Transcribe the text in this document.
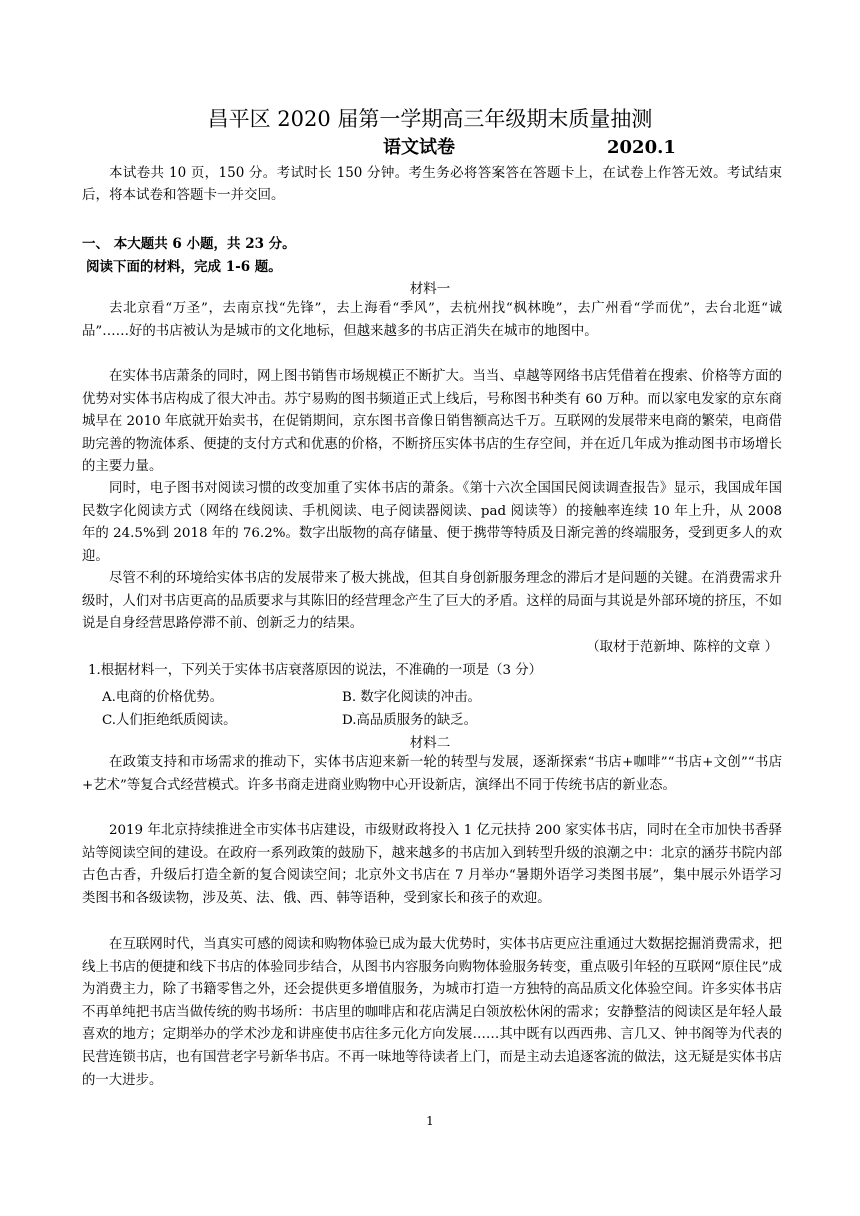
昌平区 2020 届第一学期高三年级期末质量抽测
语文试卷	2020.1
本试卷共 10 页，150 分。考试时长 150 分钟。考生务必将答案答在答题卡上，在试卷上作答无效。考试结束后，将本试卷和答题卡一并交回。
一、 本大题共 6 小题，共 23 分。
阅读下面的材料，完成 1-6 题。
材料一
去北京看“万圣”，去南京找“先锋”，去上海看“季风”，去杭州找“枫林晚”，去广州看“学而优”，去台北逛“诚品”……好的书店被认为是城市的文化地标，但越来越多的书店正消失在城市的地图中。
在实体书店萧条的同时，网上图书销售市场规模正不断扩大。当当、卓越等网络书店凭借着在搜索、价格等方面的优势对实体书店构成了很大冲击。苏宁易购的图书频道正式上线后，号称图书种类有 60 万种。而以家电发家的京东商城早在 2010 年底就开始卖书，在促销期间，京东图书音像日销售额高达千万。互联网的发展带来电商的繁荣，电商借助完善的物流体系、便捷的支付方式和优惠的价格，不断挤压实体书店的生存空间，并在近几年成为推动图书市场增长的主要力量。
同时，电子图书对阅读习惯的改变加重了实体书店的萧条。《第十六次全国国民阅读调查报告》显示，我国成年国民数字化阅读方式（网络在线阅读、手机阅读、电子阅读器阅读、pad 阅读等）的接触率连续 10 年上升，从 2008 年的 24.5%到 2018 年的 76.2%。数字出版物的高存储量、便于携带等特质及日渐完善的终端服务，受到更多人的欢迎。
尽管不利的环境给实体书店的发展带来了极大挑战，但其自身创新服务理念的滞后才是问题的关键。在消费需求升级时，人们对书店更高的品质要求与其陈旧的经营理念产生了巨大的矛盾。这样的局面与其说是外部环境的挤压，不如说是自身经营思路停滞不前、创新乏力的结果。
（取材于范新坤、陈梓的文章 ）
1.根据材料一，下列关于实体书店衰落原因的说法，不准确的一项是（3 分）
A.电商的价格优势。	B. 数字化阅读的冲击。
C.人们拒绝纸质阅读。	D.高品质服务的缺乏。
材料二
在政策支持和市场需求的推动下，实体书店迎来新一轮的转型与发展，逐渐探索“书店+咖啡”“书店+文创”“书店+艺术”等复合式经营模式。许多书商走进商业购物中心开设新店，演绎出不同于传统书店的新业态。
2019 年北京持续推进全市实体书店建设，市级财政将投入 1 亿元扶持 200 家实体书店，同时在全市加快书香驿站等阅读空间的建设。在政府一系列政策的鼓励下，越来越多的书店加入到转型升级的浪潮之中：北京的涵芬书院内部古色古香，升级后打造全新的复合阅读空间；北京外文书店在 7 月举办“暑期外语学习类图书展”，集中展示外语学习类图书和各级读物，涉及英、法、俄、西、韩等语种，受到家长和孩子的欢迎。
在互联网时代，当真实可感的阅读和购物体验已成为最大优势时，实体书店更应注重通过大数据挖掘消费需求，把线上书店的便捷和线下书店的体验同步结合，从图书内容服务向购物体验服务转变，重点吸引年轻的互联网“原住民”成为消费主力，除了书籍零售之外，还会提供更多增值服务，为城市打造一方独特的高品质文化体验空间。许多实体书店不再单纯把书店当做传统的购书场所：书店里的咖啡店和花店满足白领放松休闲的需求；安静整洁的阅读区是年轻人最喜欢的地方；定期举办的学术沙龙和讲座使书店往多元化方向发展……其中既有以西西弗、言几又、钟书阁等为代表的民营连锁书店，也有国营老字号新华书店。不再一味地等待读者上门，而是主动去追逐客流的做法，这无疑是实体书店的一大进步。
1
